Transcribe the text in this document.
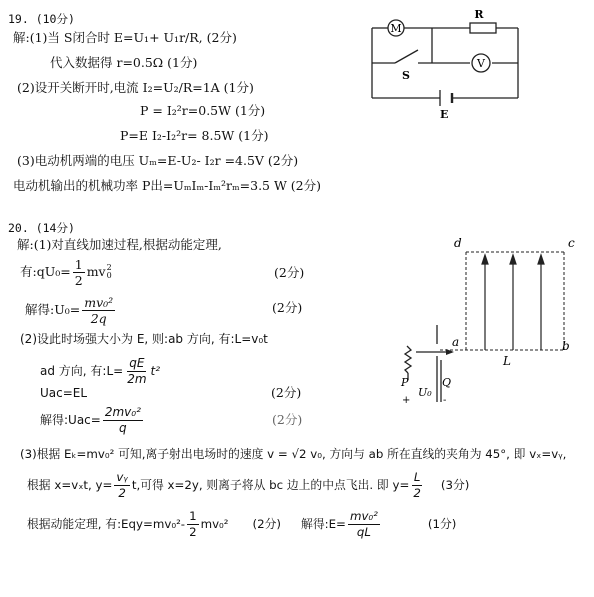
19. (10分)
解:(1)当 S闭合时 E=U₁+ U₁r/R, (2分)
代入数据得 r=0.5Ω (1分)
(2)设开关断开时,电流 I₂=U₂/R=1A (1分)
P = I₂²r=0.5W (1分)
P=E I₂-I₂²r= 8.5W (1分)
(3)电动机两端的电压 Uₘ=E-U₂- I₂r =4.5V (2分)
电动机输出的机械功率 P出=UₘIₘ-Iₘ²rₘ=3.5 W (2分)
M
R
V
S
E
20. (14分)
解:(1)对直线加速过程,根据动能定理,
有:qU₀= $\frac{1}{2}$ mv 2
0	(2分)
解得:U₀= $\frac{\text{mv₀²}}{2q}$	(2分)
(2)设此时场强大小为 E, 则:ab 方向, 有:L=v₀t
ad 方向, 有:L= $\frac{qE}{2m} t^2$
Uac=EL	(2分)
解得:Uac= $\frac{\text{2mv₀²}}{q}$	(2分)
(3)根据 Eₖ=mv₀² 可知,离子射出电场时的速度 v = √2 v₀, 方向与 ab 所在直线的夹角为 45°, 即 vₓ=vᵧ,
根据 x=vₓt, $y= \frac{\text{vᵧ}}{2} t$,可得 x=2y, 则离子将从 bc 边上的中点飞出. 即 $y= \frac{L}{2} (3$分)
根据动能定理, 有:Eqy=mv₀²- $\frac{1}{2} mv_0^2$ (2分) 解得:E= $\frac{\text{mv₀²}}{qL}$	(1分)
d	c
a	b
L
P	Q
U₀
+	-
